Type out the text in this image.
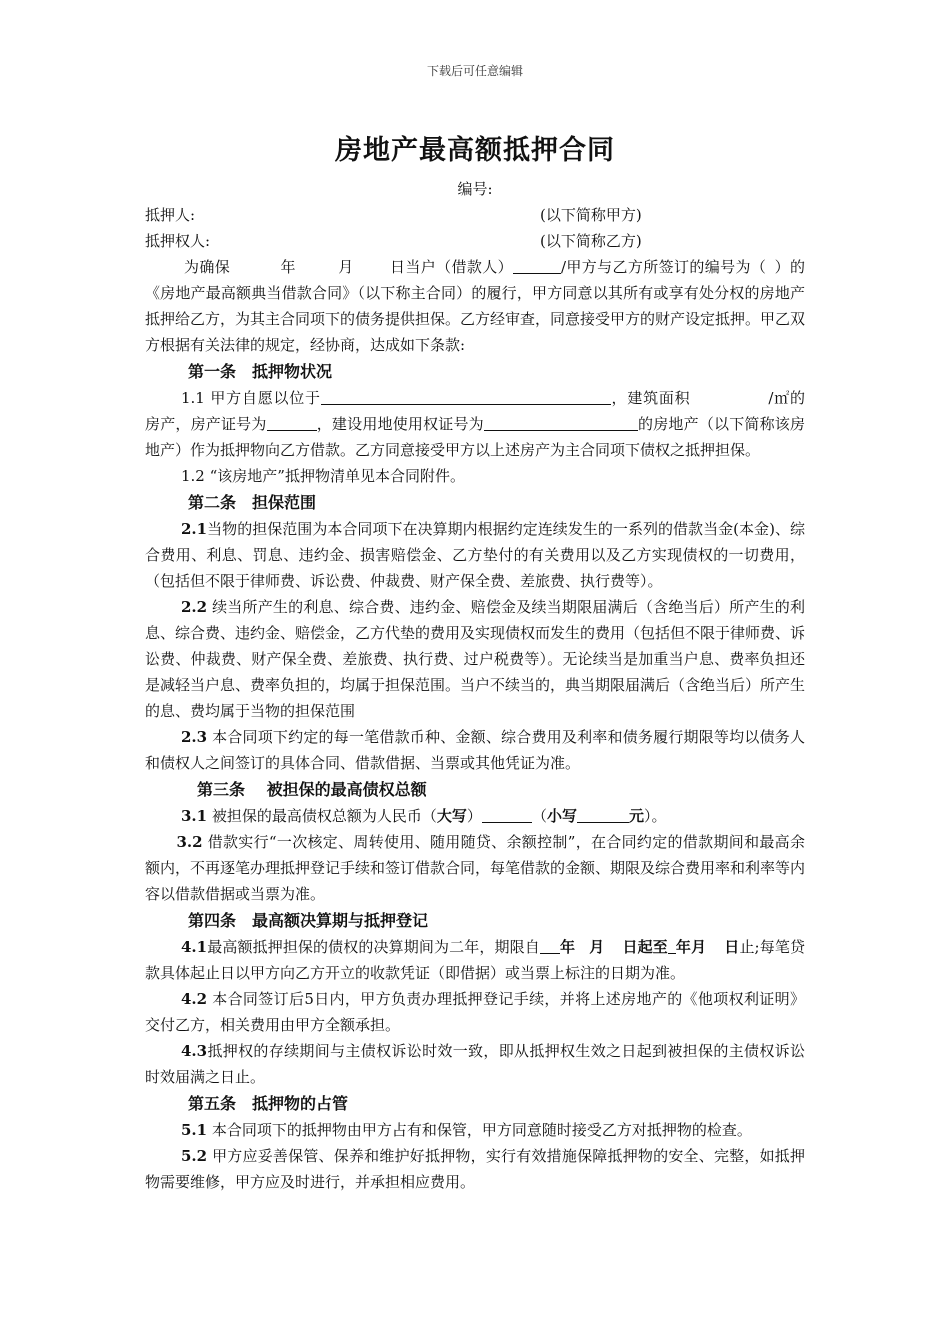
下载后可任意编辑
房地产最高额抵押合同
编号:
抵押人:	(以下简称甲方)
抵押权人:	(以下简称乙方)

为确保	年	月 日当户（借款人）	/甲方与乙方所签订的编号为（ ）的《房地产最高额典当借款合同》（以下称主合同）的履行，甲方同意以其所有或享有处分权的房地产抵押给乙方，为其主合同项下的债务提供担保。乙方经审查，同意接受甲方的财产设定抵押。甲乙双方根据有关法律的规定，经协商，达成如下条款:

第一条　抵押物状况

1.1 甲方自愿以位于	，建筑面积	/㎡的房产，房产证号为	，建设用地使用权证号为	的房地产（以下简称该房地产）作为抵押物向乙方借款。乙方同意接受甲方以上述房产为主合同项下债权之抵押担保。

1.2 “该房地产”抵押物清单见本合同附件。

第二条　担保范围

2.1当物的担保范围为本合同项下在决算期内根据约定连续发生的一系列的借款当金(本金)、综合费用、利息、罚息、违约金、损害赔偿金、乙方垫付的有关费用以及乙方实现债权的一切费用，（包括但不限于律师费、诉讼费、仲裁费、财产保全费、差旅费、执行费等）。

2.2 续当所产生的利息、综合费、违约金、赔偿金及续当期限届满后（含绝当后）所产生的利息、综合费、违约金、赔偿金，乙方代垫的费用及实现债权而发生的费用（包括但不限于律师费、诉讼费、仲裁费、财产保全费、差旅费、执行费、过户税费等）。无论续当是加重当户息、费率负担还是减轻当户息、费率负担的，均属于担保范围。当户不续当的，典当期限届满后（含绝当后）所产生的息、费均属于当物的担保范围

2.3 本合同项下约定的每一笔借款币种、金额、综合费用及利率和债务履行期限等均以债务人和债权人之间签订的具体合同、借款借据、当票或其他凭证为准。

第三条　 被担保的最高债权总额

3.1 被担保的最高债权总额为人民币（大写）	（小写	元）。

3.2 借款实行“一次核定、周转使用、随用随贷、余额控制”，在合同约定的借款期间和最高余额内，不再逐笔办理抵押登记手续和签订借款合同，每笔借款的金额、期限及综合费用率和利率等内容以借款借据或当票为准。

第四条　最高额决算期与抵押登记

4.1最高额抵押担保的债权的决算期间为二年，期限自 年 月 日起至 年月 日止;每笔贷款具体起止日以甲方向乙方开立的收款凭证（即借据）或当票上标注的日期为准。

4.2 本合同签订后5日内，甲方负责办理抵押登记手续，并将上述房地产的《他项权利证明》交付乙方，相关费用由甲方全额承担。

4.3抵押权的存续期间与主债权诉讼时效一致，即从抵押权生效之日起到被担保的主债权诉讼时效届满之日止。

第五条　抵押物的占管

5.1 本合同项下的抵押物由甲方占有和保管，甲方同意随时接受乙方对抵押物的检查。

5.2 甲方应妥善保管、保养和维护好抵押物，实行有效措施保障抵押物的安全、完整，如抵押物需要维修，甲方应及时进行，并承担相应费用。
